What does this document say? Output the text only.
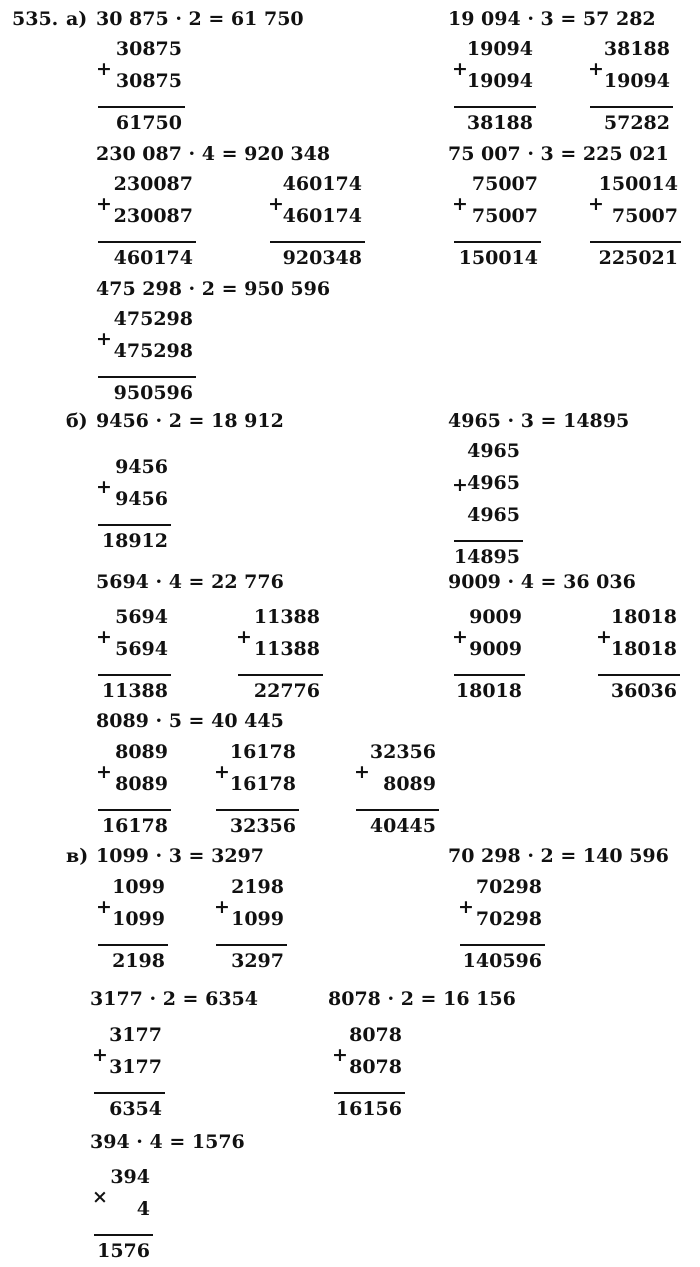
535. а)
б)
в)
30 875 · 2 = 61 750
+
30875
30875
61750
19 094 · 3 = 57 282
+
19094
19094
38188
+
38188
19094
57282
230 087 · 4 = 920 348
+
230087
230087
460174
+
460174
460174
920348
75 007 · 3 = 225 021
+
75007
75007
150014
+
150014
75007
225021
475 298 · 2 = 950 596
+
475298
475298
950596
9456 · 2 = 18 912
+
9456
9456
18912
4965 · 3 = 14895
+
4965
4965
4965
14895
5694 · 4 = 22 776
+
5694
5694
11388
+
11388
11388
22776
9009 · 4 = 36 036
+
9009
9009
18018
+
18018
18018
36036
8089 · 5 = 40 445
+
8089
8089
16178
+
16178
16178
32356
+
32356
8089
40445
1099 · 3 = 3297
+
1099
1099
2198
+
2198
1099
3297
70 298 · 2 = 140 596
+
70298
70298
140596
3177 · 2 = 6354
+
3177
3177
6354
8078 · 2 = 16 156
+
8078
8078
16156
394 · 4 = 1576
×
394
4
1576
